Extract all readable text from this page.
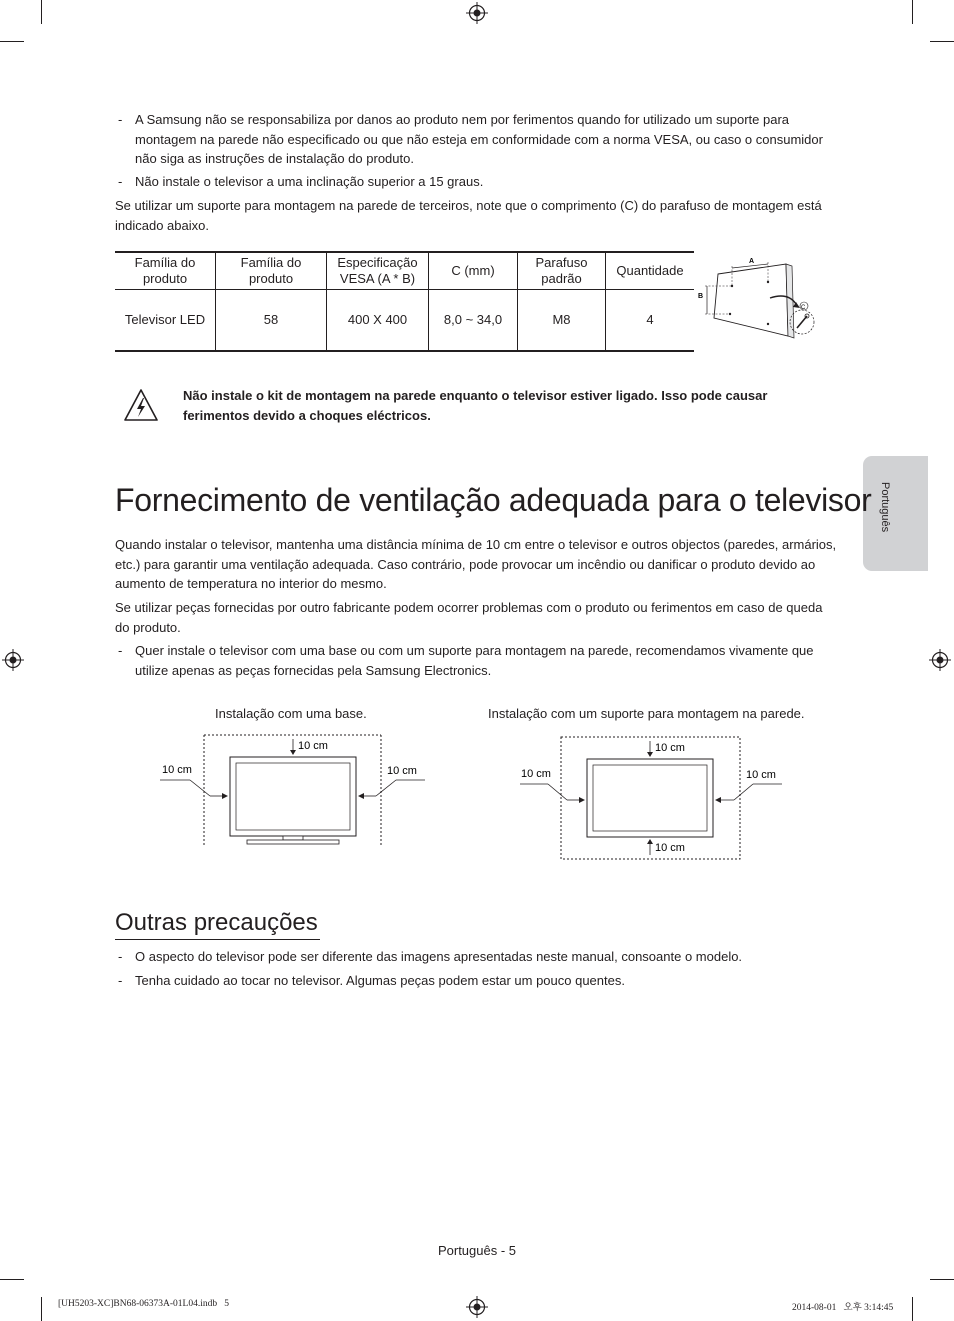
- A Samsung não se responsabiliza por danos ao produto nem por ferimentos quando for utilizado um suporte para montagem na parede não especificado ou que não esteja em conformidade com a norma VESA, ou caso o consumidor não siga as instruções de instalação do produto.
- Não instale o televisor a uma inclinação superior a 15 graus.
Se utilizar um suporte para montagem na parede de terceiros, note que o comprimento (C) do parafuso de montagem está indicado abaixo.
Família do produto	Família do produto	Especificação VESA (A * B)	C (mm)	Parafuso padrão	Quantidade
Televisor LED	58	400 X 400	8,0 ~ 34,0	M8	4
A
B
C
Não instale o kit de montagem na parede enquanto o televisor estiver ligado. Isso pode causar ferimentos devido a choques eléctricos.
Português
Fornecimento de ventilação adequada para o televisor
Quando instalar o televisor, mantenha uma distância mínima de 10 cm entre o televisor e outros objectos (paredes, armários, etc.) para garantir uma ventilação adequada. Caso contrário, pode provocar um incêndio ou danificar o produto devido ao aumento de temperatura no interior do mesmo.
Se utilizar peças fornecidas por outro fabricante podem ocorrer problemas com o produto ou ferimentos em caso de queda do produto.
- Quer instale o televisor com uma base ou com um suporte para montagem na parede, recomendamos vivamente que utilize apenas as peças fornecidas pela Samsung Electronics.
Instalação com uma base.	Instalação com um suporte para montagem na parede.
10 cm
10 cm	10 cm
10 cm
10 cm
10 cm	10 cm
Outras precauções
- O aspecto do televisor pode ser diferente das imagens apresentadas neste manual, consoante o modelo.
- Tenha cuidado ao tocar no televisor. Algumas peças podem estar um pouco quentes.
Português - 5
[UH5203-XC]BN68-06373A-01L04.indb   5	2014-08-01   오후 3:14:45
